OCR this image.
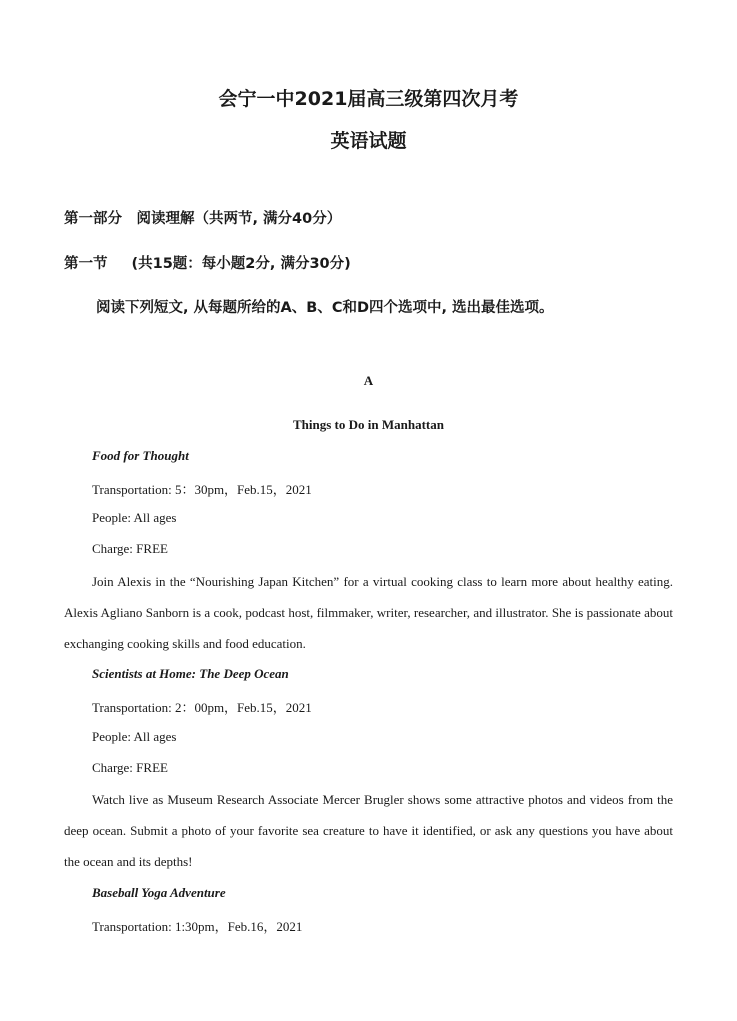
会宁一中2021届高三级第四次月考
英语试题
第一部分　阅读理解（共两节, 满分40分）
第一节 (共15题：每小题2分, 满分30分)
阅读下列短文, 从每题所给的A、B、C和D四个选项中, 选出最佳选项。
A
Things to Do in Manhattan
Food for Thought
Transportation: 5：30pm，Feb.15，2021
People: All ages
Charge: FREE
Join Alexis in the “Nourishing Japan Kitchen” for a virtual cooking class to learn more about healthy eating. Alexis Agliano Sanborn is a cook, podcast host, filmmaker, writer, researcher, and illustrator. She is passionate about exchanging cooking skills and food education.
Scientists at Home: The Deep Ocean
Transportation: 2：00pm，Feb.15，2021
People: All ages
Charge: FREE
Watch live as Museum Research Associate Mercer Brugler shows some attractive photos and videos from the deep ocean. Submit a photo of your favorite sea creature to have it identified, or ask any questions you have about the ocean and its depths!
Baseball Yoga Adventure
Transportation: 1:30pm，Feb.16，2021
